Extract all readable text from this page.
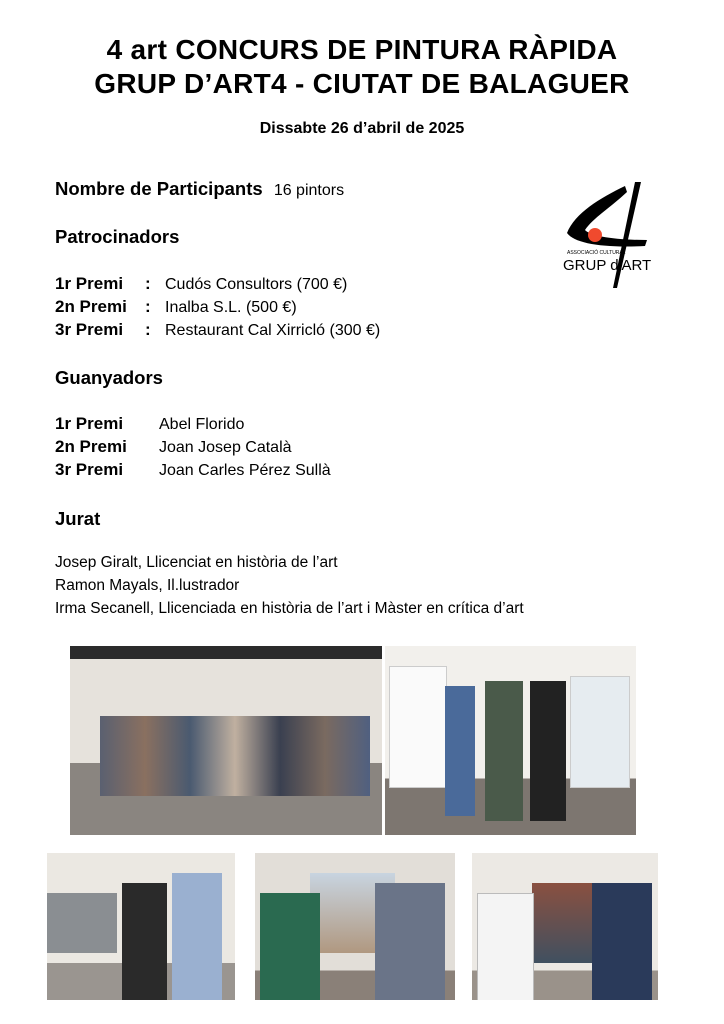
4 art CONCURS DE PINTURA RÀPIDA
GRUP D’ART4 - CIUTAT DE BALAGUER
Dissabte 26 d’abril de 2025
Nombre de Participants 16 pintors
Patrocinadors
1r Premi : Cudós Consultors (700 €)
2n Premi : Inalba S.L. (500 €)
3r Premi : Restaurant Cal Xirricló (300 €)
Guanyadors
1r Premi Abel Florido
2n Premi Joan Josep Català
3r Premi Joan Carles Pérez Sullà
Jurat
Josep Giralt, Llicenciat en història de l’art
Ramon Mayals, Il.lustrador
Irma Secanell, Llicenciada en història de l’art i Màster en crítica d’art
ASSOCIACIÓ CULTURAL
GRUP d'ART
